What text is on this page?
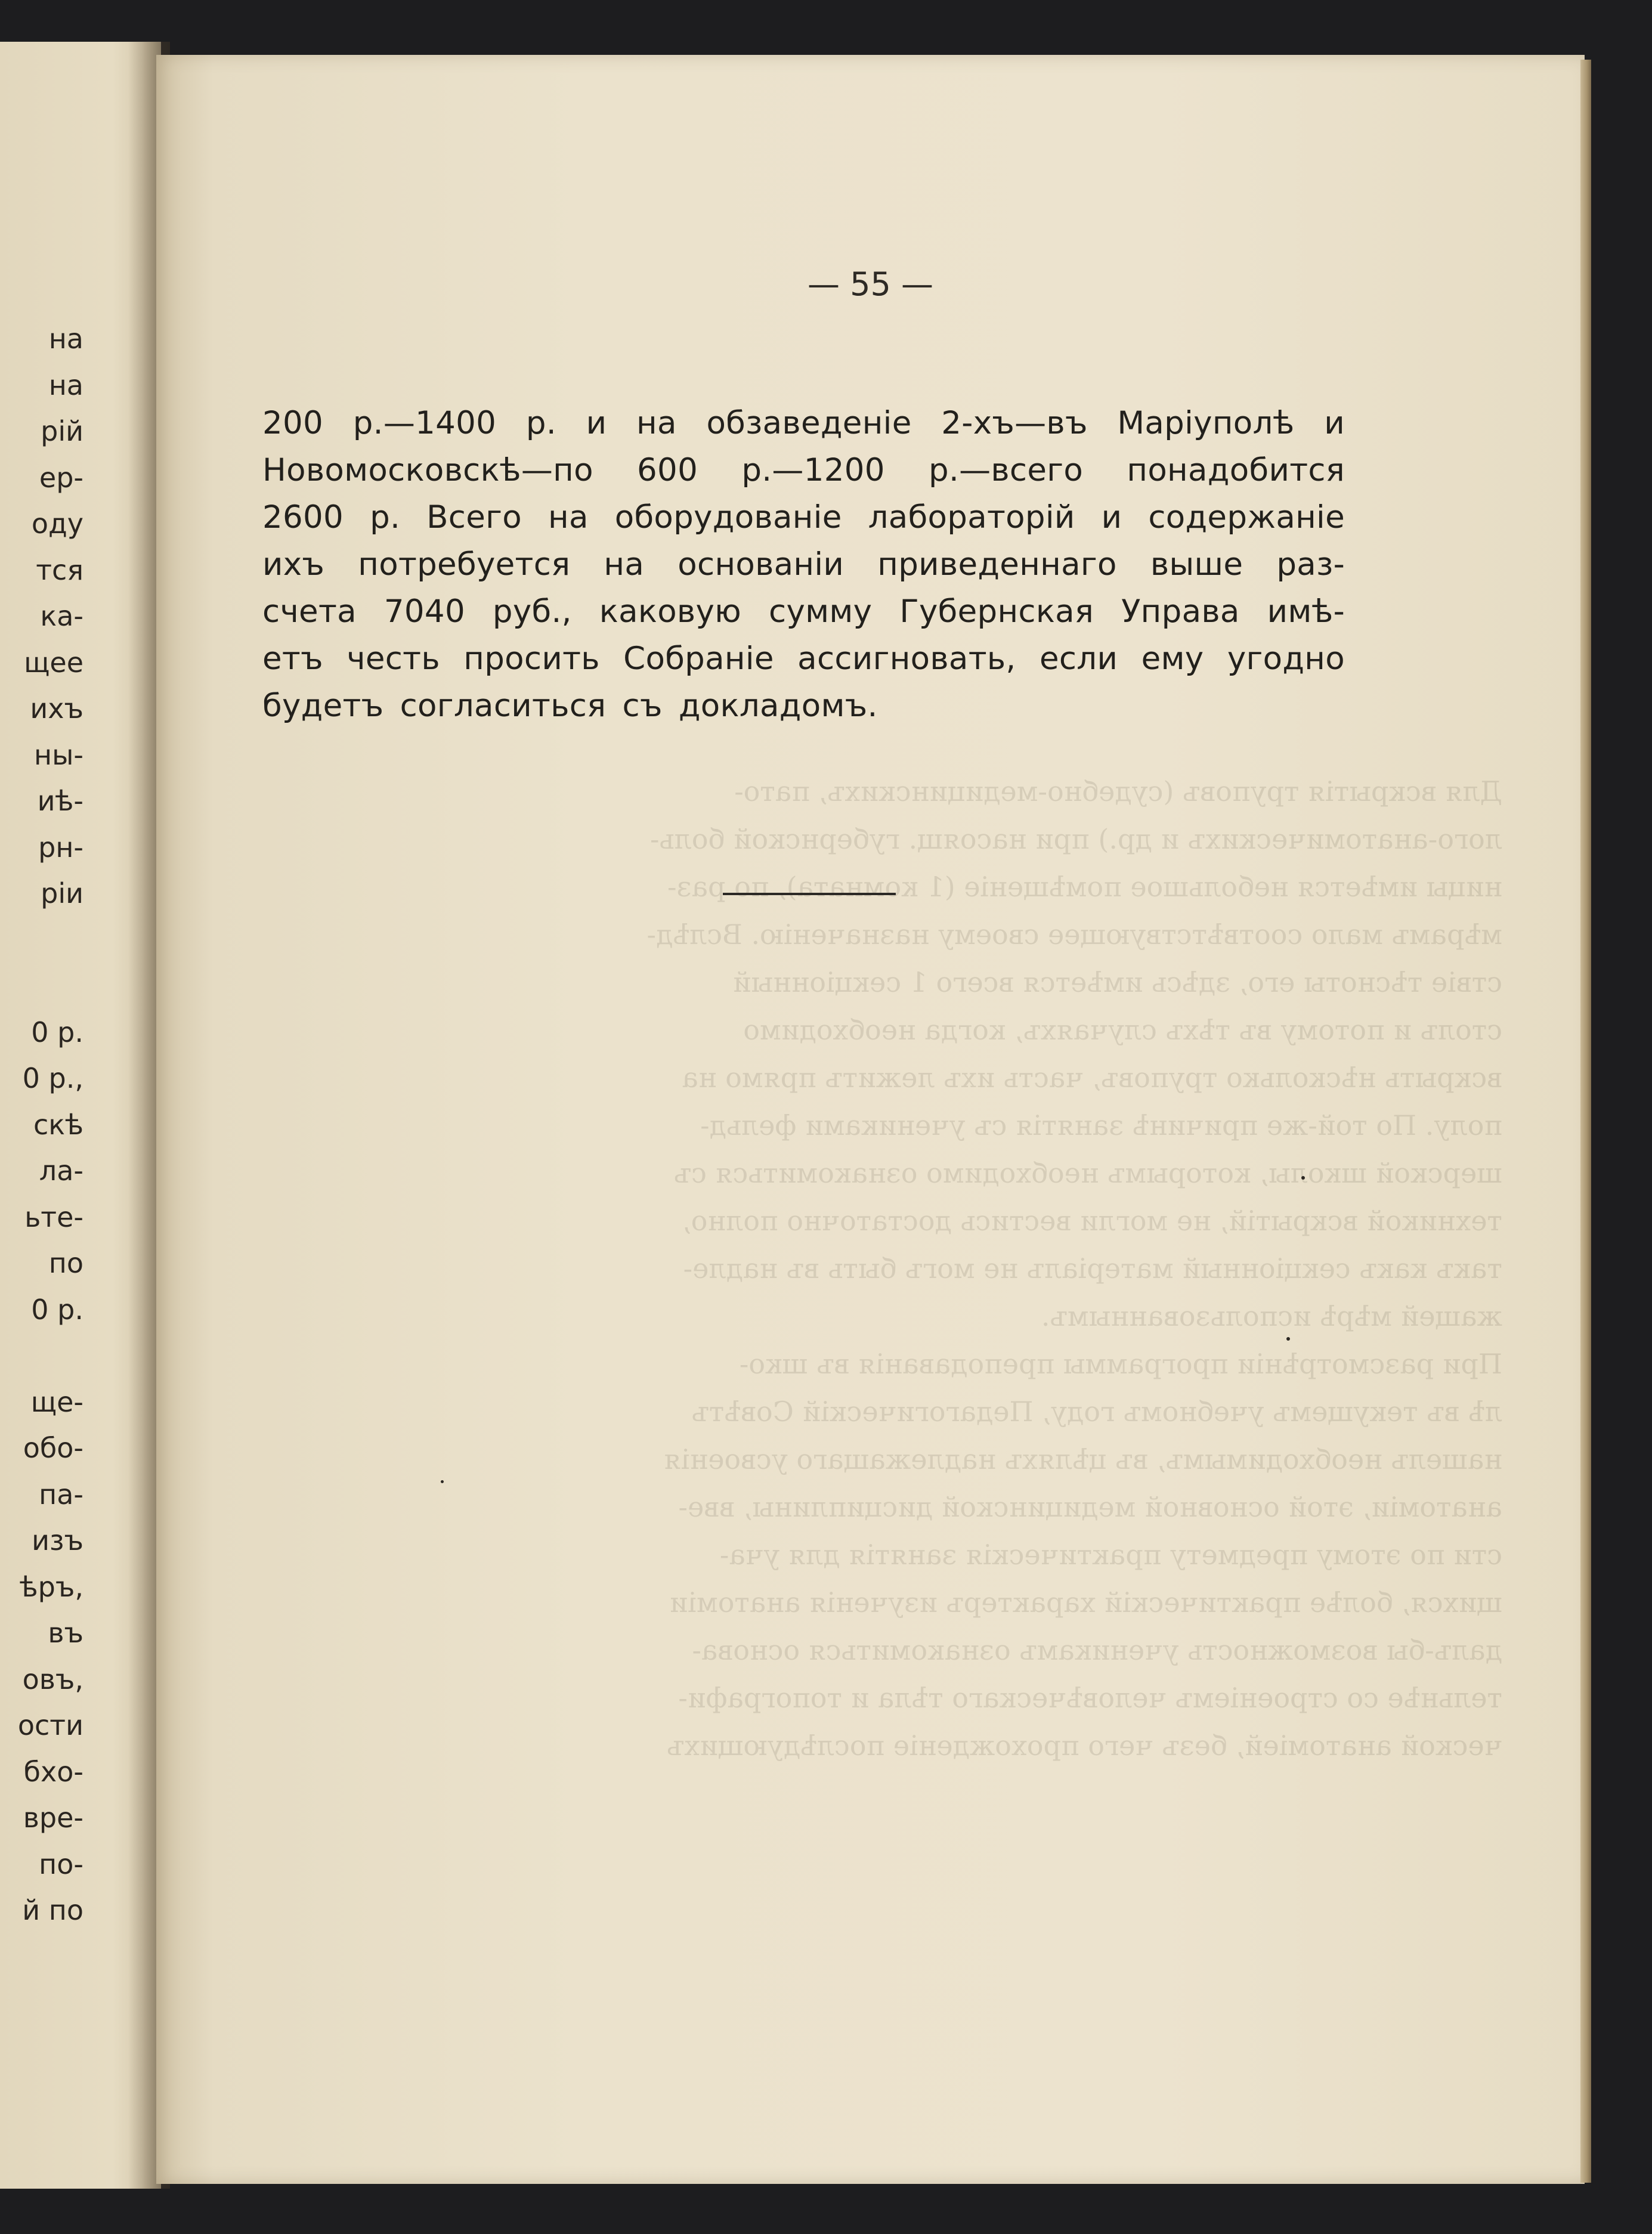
на
на
рiй
ер-
оду
тся
ка-
щее
ихъ
ны-
иѣ-
рн-
рiи
0 р.
0 р.,
скѣ
ла-
ьте-
по
0 р.
ще-
обо-
па-
изъ
ѣръ,
въ
овъ,
ости
бхо-
вре-
по-
й по

Для вскрытiя труповъ (судебно-медицинскихъ, пато-

лого-анатомическихъ и др.) при насоящ. губернской боль-

ницы имѣется небольшое помѣщенiе (1 комната), по раз-

мѣрамъ мало соотвѣтствующее своему назначенiю. Вслѣд-

ствiе тѣсноты его, здѣсь имѣется всего 1 секцiонный

столъ и потому въ тѣхъ случаяхъ, когда необходимо

вскрыть нѣсколько труповъ, часть ихъ лежитъ прямо на

полу. По той-же причинѣ занятiя съ учениками фельд-

шерской школы, которымъ необходимо ознакомиться съ

техникой вскрытiй, не могли вестись достаточно полно,

такъ какъ секцiонный матерiалъ не могъ быть въ надле-

жащей мѣрѣ использованнымъ.

При разсмотрѣнiи программы преподаванiя въ шко-

лѣ въ текущемъ учебномъ году, Педагогическiй Совѣтъ

нашелъ необходимымъ, въ цѣляхъ надлежащаго усвоенiя

анатомiи, этой основной медицинской дисциплины, вве-

сти по этому предмету практическiя занятiя для уча-

щихся, болѣе практическiй характеръ изученiя анатомiи

далъ-бы возможность ученикамъ ознакомиться основа-

тельнѣе со строенiемъ человѣческаго тѣла и топографи-

ческой анатомiей, безъ чего прохожденiе послѣдующихъ

— 55 —
200 р.—1400 р. и на обзаведенiе 2-хъ—въ Марiуполѣ и
Новомосковскѣ—по 600 р.—1200 р.—всего понадобится
2600 р. Всего на оборудованiе лабораторiй и содержанiе
ихъ потребуется на основанiи приведеннаго выше раз-
счета 7040 руб., каковую сумму Губернская Управа имѣ-
етъ честь просить Собранiе ассигновать, если ему угодно
будетъ согласиться съ докладомъ.
